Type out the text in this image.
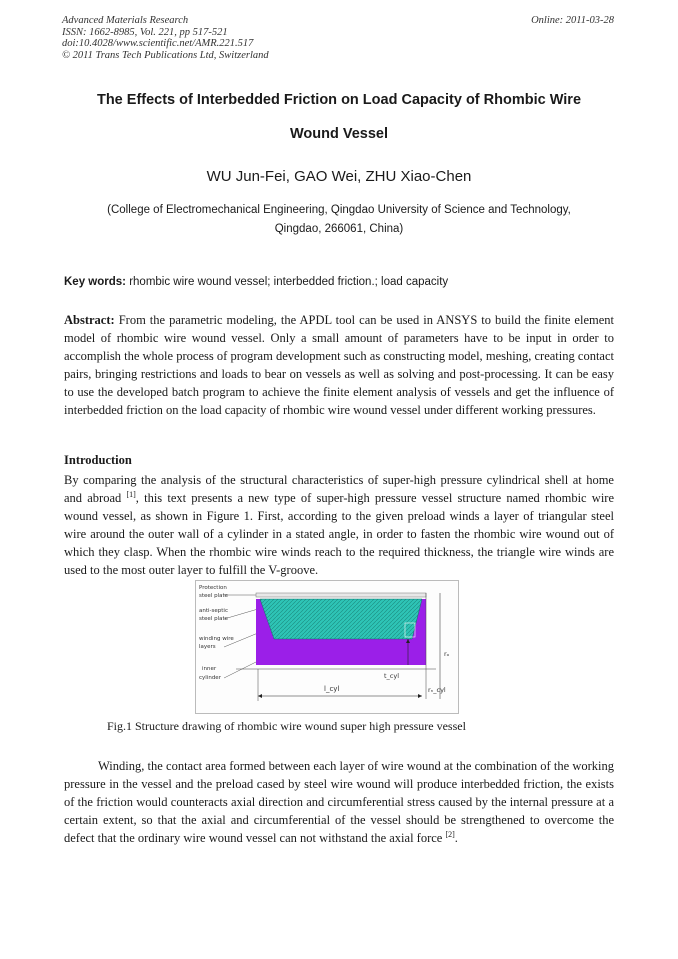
Advanced Materials Research
ISSN: 1662-8985, Vol. 221, pp 517-521
doi:10.4028/www.scientific.net/AMR.221.517
© 2011 Trans Tech Publications Ltd, Switzerland
Online: 2011-03-28
The Effects of Interbedded Friction on Load Capacity of Rhombic Wire
Wound Vessel
WU Jun-Fei, GAO Wei, ZHU Xiao-Chen
(College of Electromechanical Engineering, Qingdao University of Science and Technology,
Qingdao, 266061, China)
Key words: rhombic wire wound vessel; interbedded friction.; load capacity
Abstract: From the parametric modeling, the APDL tool can be used in ANSYS to build the finite element model of rhombic wire wound vessel. Only a small amount of parameters have to be input in order to accomplish the whole process of program development such as constructing model, meshing, creating contact pairs, bringing restrictions and loads to bear on vessels as well as solving and post-processing. It can be easy to use the developed batch program to achieve the finite element analysis of vessels and get the influence of interbedded friction on the load capacity of rhombic wire wound vessel under different working pressures.
Introduction
By comparing the analysis of the structural characteristics of super-high pressure cylindrical shell at home and abroad [1], this text presents a new type of super-high pressure vessel structure named rhombic wire wound vessel, as shown in Figure 1. First, according to the given preload winds a layer of triangular steel wire around the outer wall of a cylinder in a stated angle, in order to fasten the rhombic wire wound out of which they clasp. When the rhombic wire winds reach to the required thickness, the triangle wire winds are used to the most outer layer to fulfill the V-groove.
Protection
steel plate
anti-septic
steel plate
winding wire
layers
inner
cylinder	t_cyl
l_cyl	rₙ_cyl
rₒ
Fig.1 Structure drawing of rhombic wire wound super high pressure vessel
Winding, the contact area formed between each layer of wire wound at the combination of the working pressure in the vessel and the preload cased by steel wire wound will produce interbedded friction, the exists of the friction would counteracts axial direction and circumferential stress caused by the internal pressure at a certain extent, so that the axial and circumferential of the vessel should be strengthened to overcome the defect that the ordinary wire wound vessel can not withstand the axial force [2].
